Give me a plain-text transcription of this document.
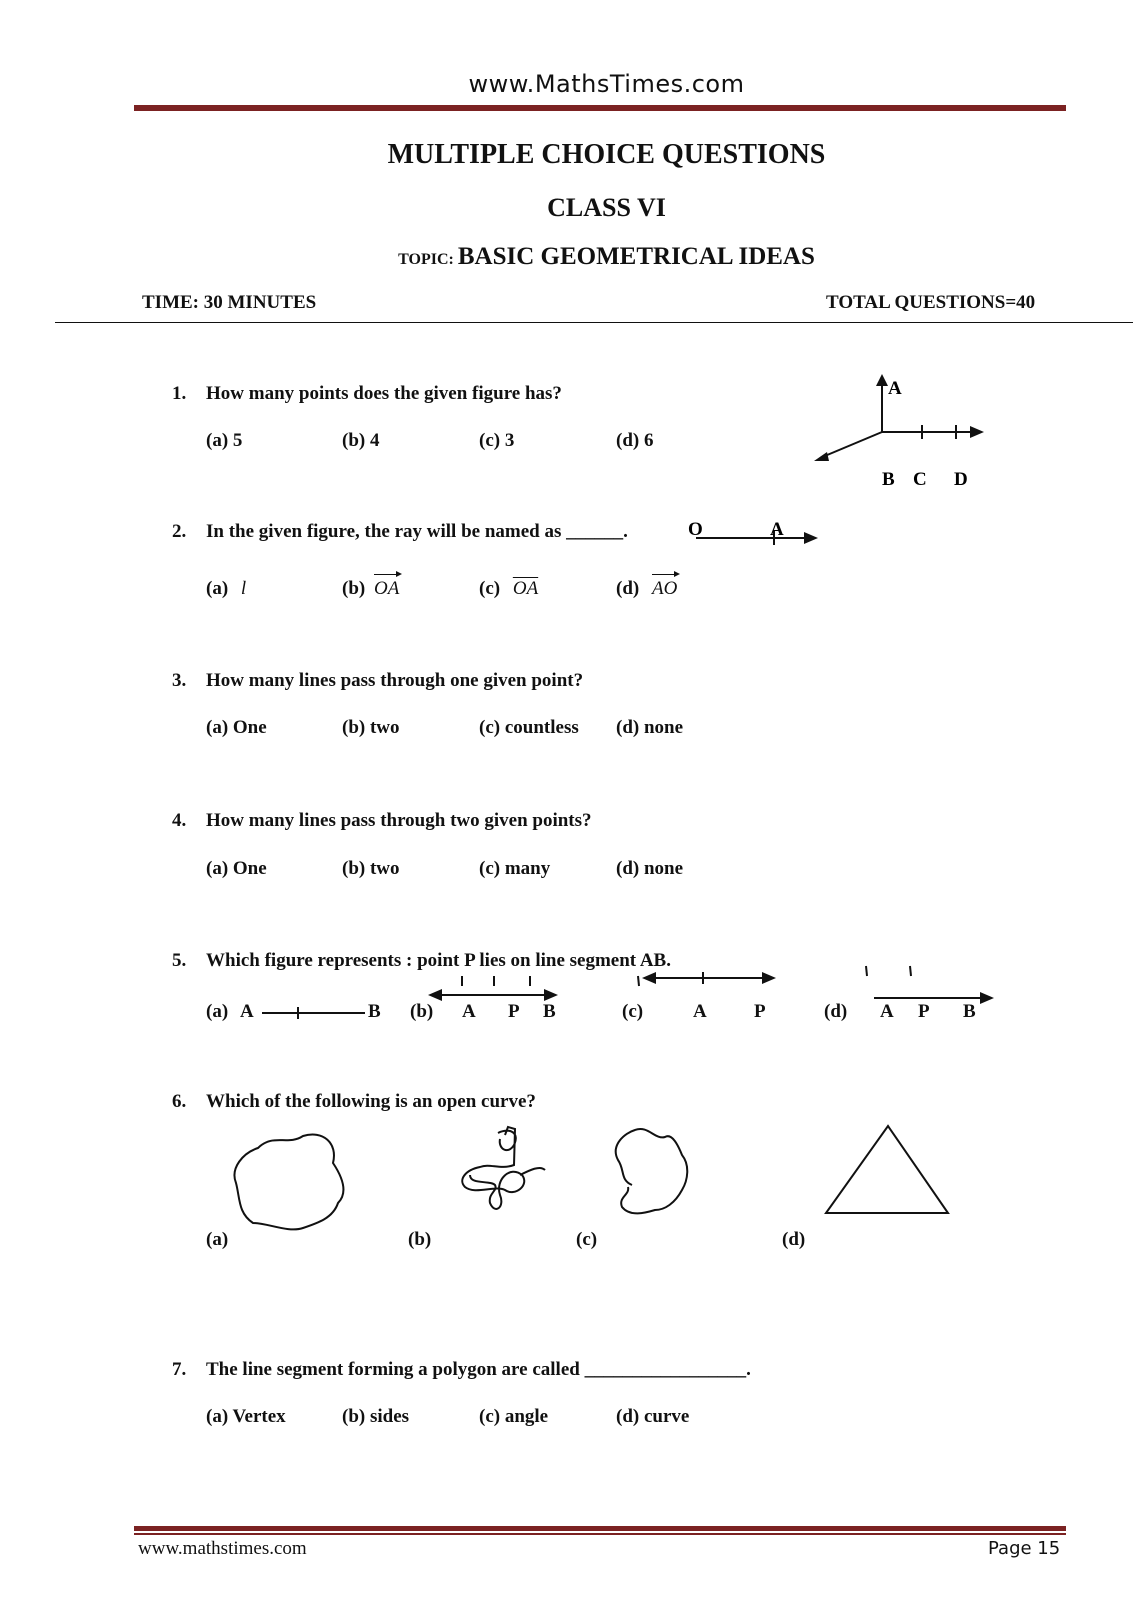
www.MathsTimes.com
MULTIPLE CHOICE QUESTIONS
CLASS VI
TOPIC: BASIC GEOMETRICAL IDEAS
TIME: 30 MINUTES	TOTAL QUESTIONS=40
1. How many points does the given figure has?
(a) 5	(b) 4	(c) 3	(d) 6
A
B C D
2. In the given figure, the ray will be named as ______.	O	A
(a) l	(b) OA	(c) $\overline{OA}$	(d) AO
3. How many lines pass through one given point?
(a) One	(b) two	(c) countless (d) none
4. How many lines pass through two given points?
(a) One	(b) two	(c) many	(d) none
5. Which figure represents : point P lies on line segment AB.
(a) A	B (b) A P B	(c)	A P	(d) A P B
6. Which of the following is an open curve?
(a)	(b)	(c)	(d)
7. The line segment forming a polygon are called _________________.
(a) Vertex	(b) sides	(c) angle	(d) curve
www.mathstimes.com	Page 15
